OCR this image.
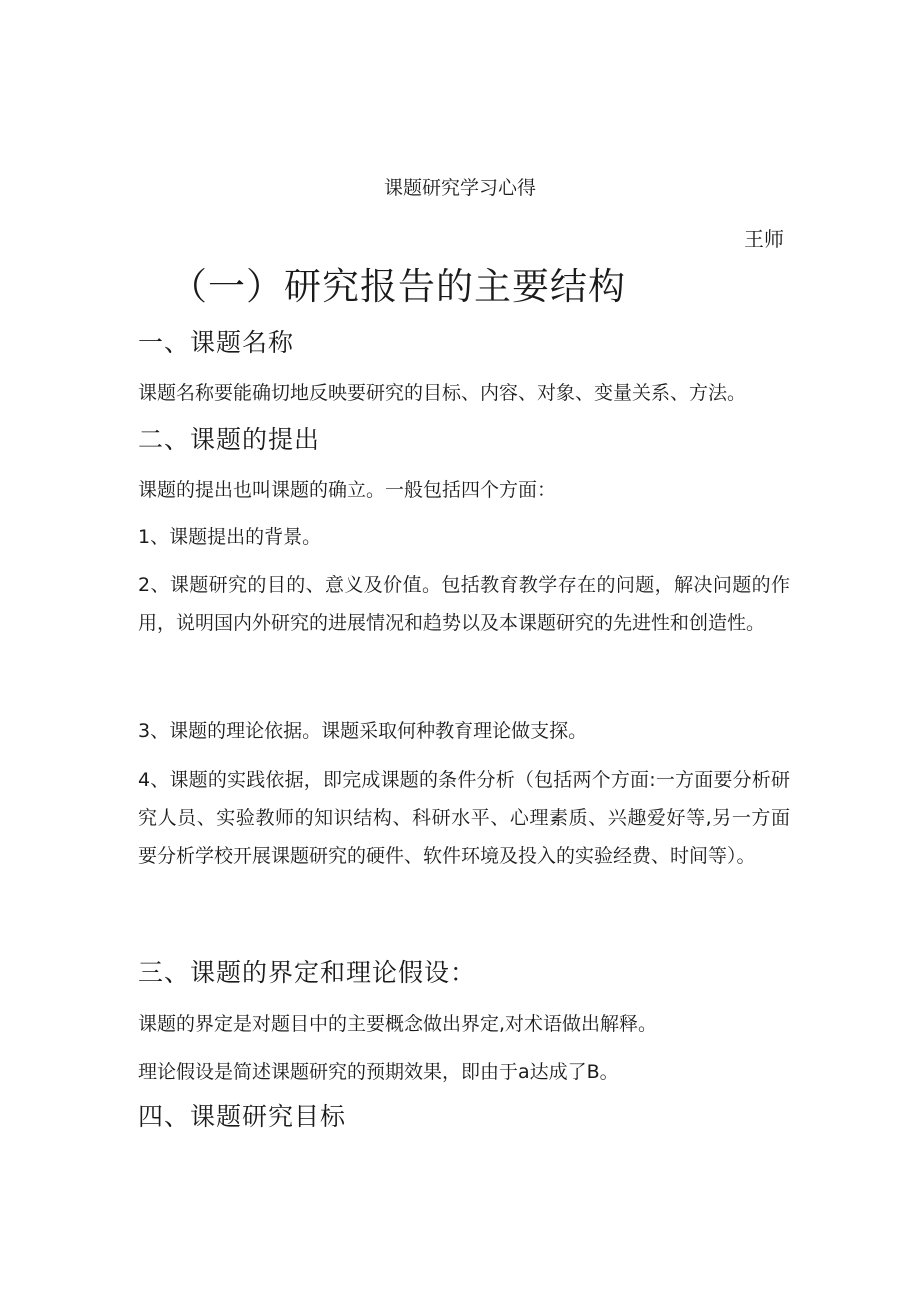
课题研究学习心得

王师

（一）研究报告的主要结构

一、课题名称

课题名称要能确切地反映要研究的目标、内容、对象、变量关系、方法。

二、课题的提出

课题的提出也叫课题的确立。一般包括四个方面：

1、课题提出的背景。

2、课题研究的目的、意义及价值。包括教育教学存在的问题，解决问题的作用，说明国内外研究的进展情况和趋势以及本课题研究的先进性和创造性。

3、课题的理论依据。课题采取何种教育理论做支探。

4、课题的实践依据，即完成课题的条件分析（包括两个方面:一方面要分析研究人员、实验教师的知识结构、科研水平、心理素质、兴趣爱好等,另一方面要分析学校开展课题研究的硬件、软件环境及投入的实验经费、时间等）。

三、课题的界定和理论假设：

课题的界定是对题目中的主要概念做出界定,对术语做出解释。

理论假设是简述课题研究的预期效果，即由于a达成了B。

四、课题研究目标
